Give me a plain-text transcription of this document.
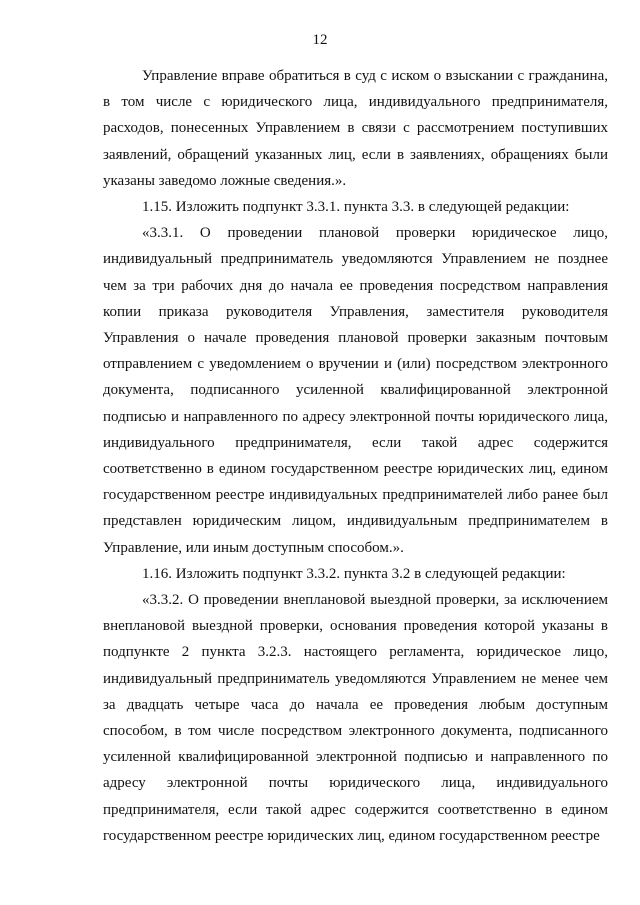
12

Управление вправе обратиться в суд с иском о взыскании с гражданина, в том числе с юридического лица, индивидуального предпринимателя, расходов, понесенных Управлением в связи с рассмотрением поступивших заявлений, обращений указанных лиц, если в заявлениях, обращениях были указаны заведомо ложные сведения.».

1.15. Изложить подпункт 3.3.1. пункта 3.3. в следующей редакции:

«3.3.1. О проведении плановой проверки юридическое лицо, индивидуальный предприниматель уведомляются Управлением не позднее чем за три рабочих дня до начала ее проведения посредством направления копии приказа руководителя Управления, заместителя руководителя Управления о начале проведения плановой проверки заказным почтовым отправлением с уведомлением о вручении и (или) посредством электронного документа, подписанного усиленной квалифицированной электронной подписью и направленного по адресу электронной почты юридического лица, индивидуального предпринимателя, если такой адрес содержится соответственно в едином государственном реестре юридических лиц, едином государственном реестре индивидуальных предпринимателей либо ранее был представлен юридическим лицом, индивидуальным предпринимателем в Управление, или иным доступным способом.».

1.16. Изложить подпункт 3.3.2. пункта 3.2 в следующей редакции:

«3.3.2. О проведении внеплановой выездной проверки, за исключением внеплановой выездной проверки, основания проведения которой указаны в подпункте 2 пункта 3.2.3. настоящего регламента, юридическое лицо, индивидуальный предприниматель уведомляются Управлением не менее чем за двадцать четыре часа до начала ее проведения любым доступным способом, в том числе посредством электронного документа, подписанного усиленной квалифицированной электронной подписью и направленного по адресу электронной почты юридического лица, индивидуального предпринимателя, если такой адрес содержится соответственно в едином государственном реестре юридических лиц, едином государственном реестре
